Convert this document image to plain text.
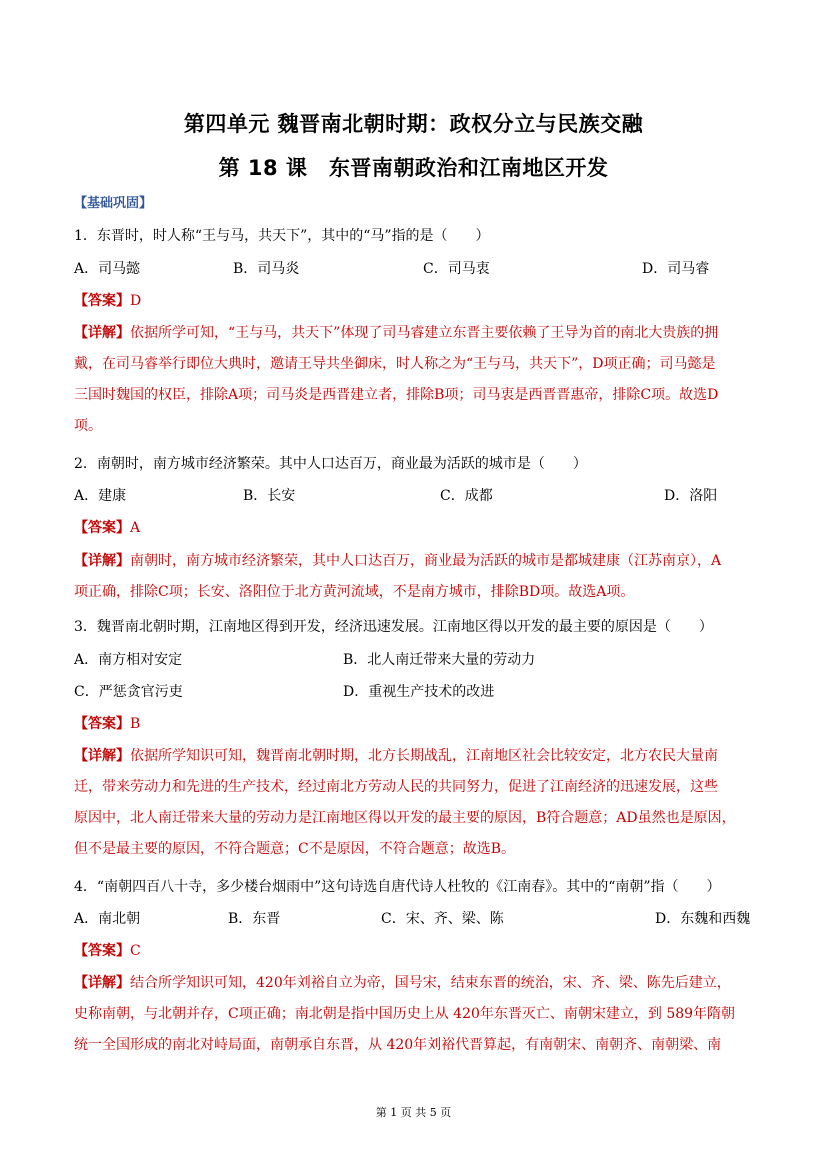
第四单元 魏晋南北朝时期：政权分立与民族交融
第 18 课　东晋南朝政治和江南地区开发
【基础巩固】
1．东晋时，时人称“王与马，共天下”，其中的“马”指的是（　　）
A．司马懿	B．司马炎	C．司马衷	D．司马睿
【答案】D
【详解】依据所学可知，“王与马，共天下”体现了司马睿建立东晋主要依赖了王导为首的南北大贵族的拥
戴，在司马睿举行即位大典时，邀请王导共坐御床，时人称之为“王与马，共天下”，D项正确；司马懿是
三国时魏国的权臣，排除A项；司马炎是西晋建立者，排除B项；司马衷是西晋晋惠帝，排除C项。故选D
项。
2．南朝时，南方城市经济繁荣。其中人口达百万，商业最为活跃的城市是（　　）
A．建康	B．长安	C．成都	D．洛阳
【答案】A
【详解】南朝时，南方城市经济繁荣，其中人口达百万，商业最为活跃的城市是都城建康（江苏南京），A
项正确，排除C项；长安、洛阳位于北方黄河流域，不是南方城市，排除BD项。故选A项。
3．魏晋南北朝时期，江南地区得到开发，经济迅速发展。江南地区得以开发的最主要的原因是（　　）
A．南方相对安定	B．北人南迁带来大量的劳动力
C．严惩贪官污吏	D．重视生产技术的改进
【答案】B
【详解】依据所学知识可知，魏晋南北朝时期，北方长期战乱，江南地区社会比较安定，北方农民大量南
迁，带来劳动力和先进的生产技术，经过南北方劳动人民的共同努力，促进了江南经济的迅速发展，这些
原因中，北人南迁带来大量的劳动力是江南地区得以开发的最主要的原因，B符合题意；AD虽然也是原因，
但不是最主要的原因，不符合题意；C不是原因，不符合题意；故选B。
4．“南朝四百八十寺，多少楼台烟雨中”这句诗选自唐代诗人杜牧的《江南春》。其中的“南朝”指（　　）
A．南北朝	B．东晋	C．宋、齐、梁、陈	D．东魏和西魏
【答案】C
【详解】结合所学知识可知，420年刘裕自立为帝，国号宋，结束东晋的统治，宋、齐、梁、陈先后建立，
史称南朝，与北朝并存，C项正确；南北朝是指中国历史上从 420年东晋灭亡、南朝宋建立，到 589年隋朝
统一全国形成的南北对峙局面，南朝承自东晋，从 420年刘裕代晋算起，有南朝宋、南朝齐、南朝梁、南
第 1 页 共 5 页
